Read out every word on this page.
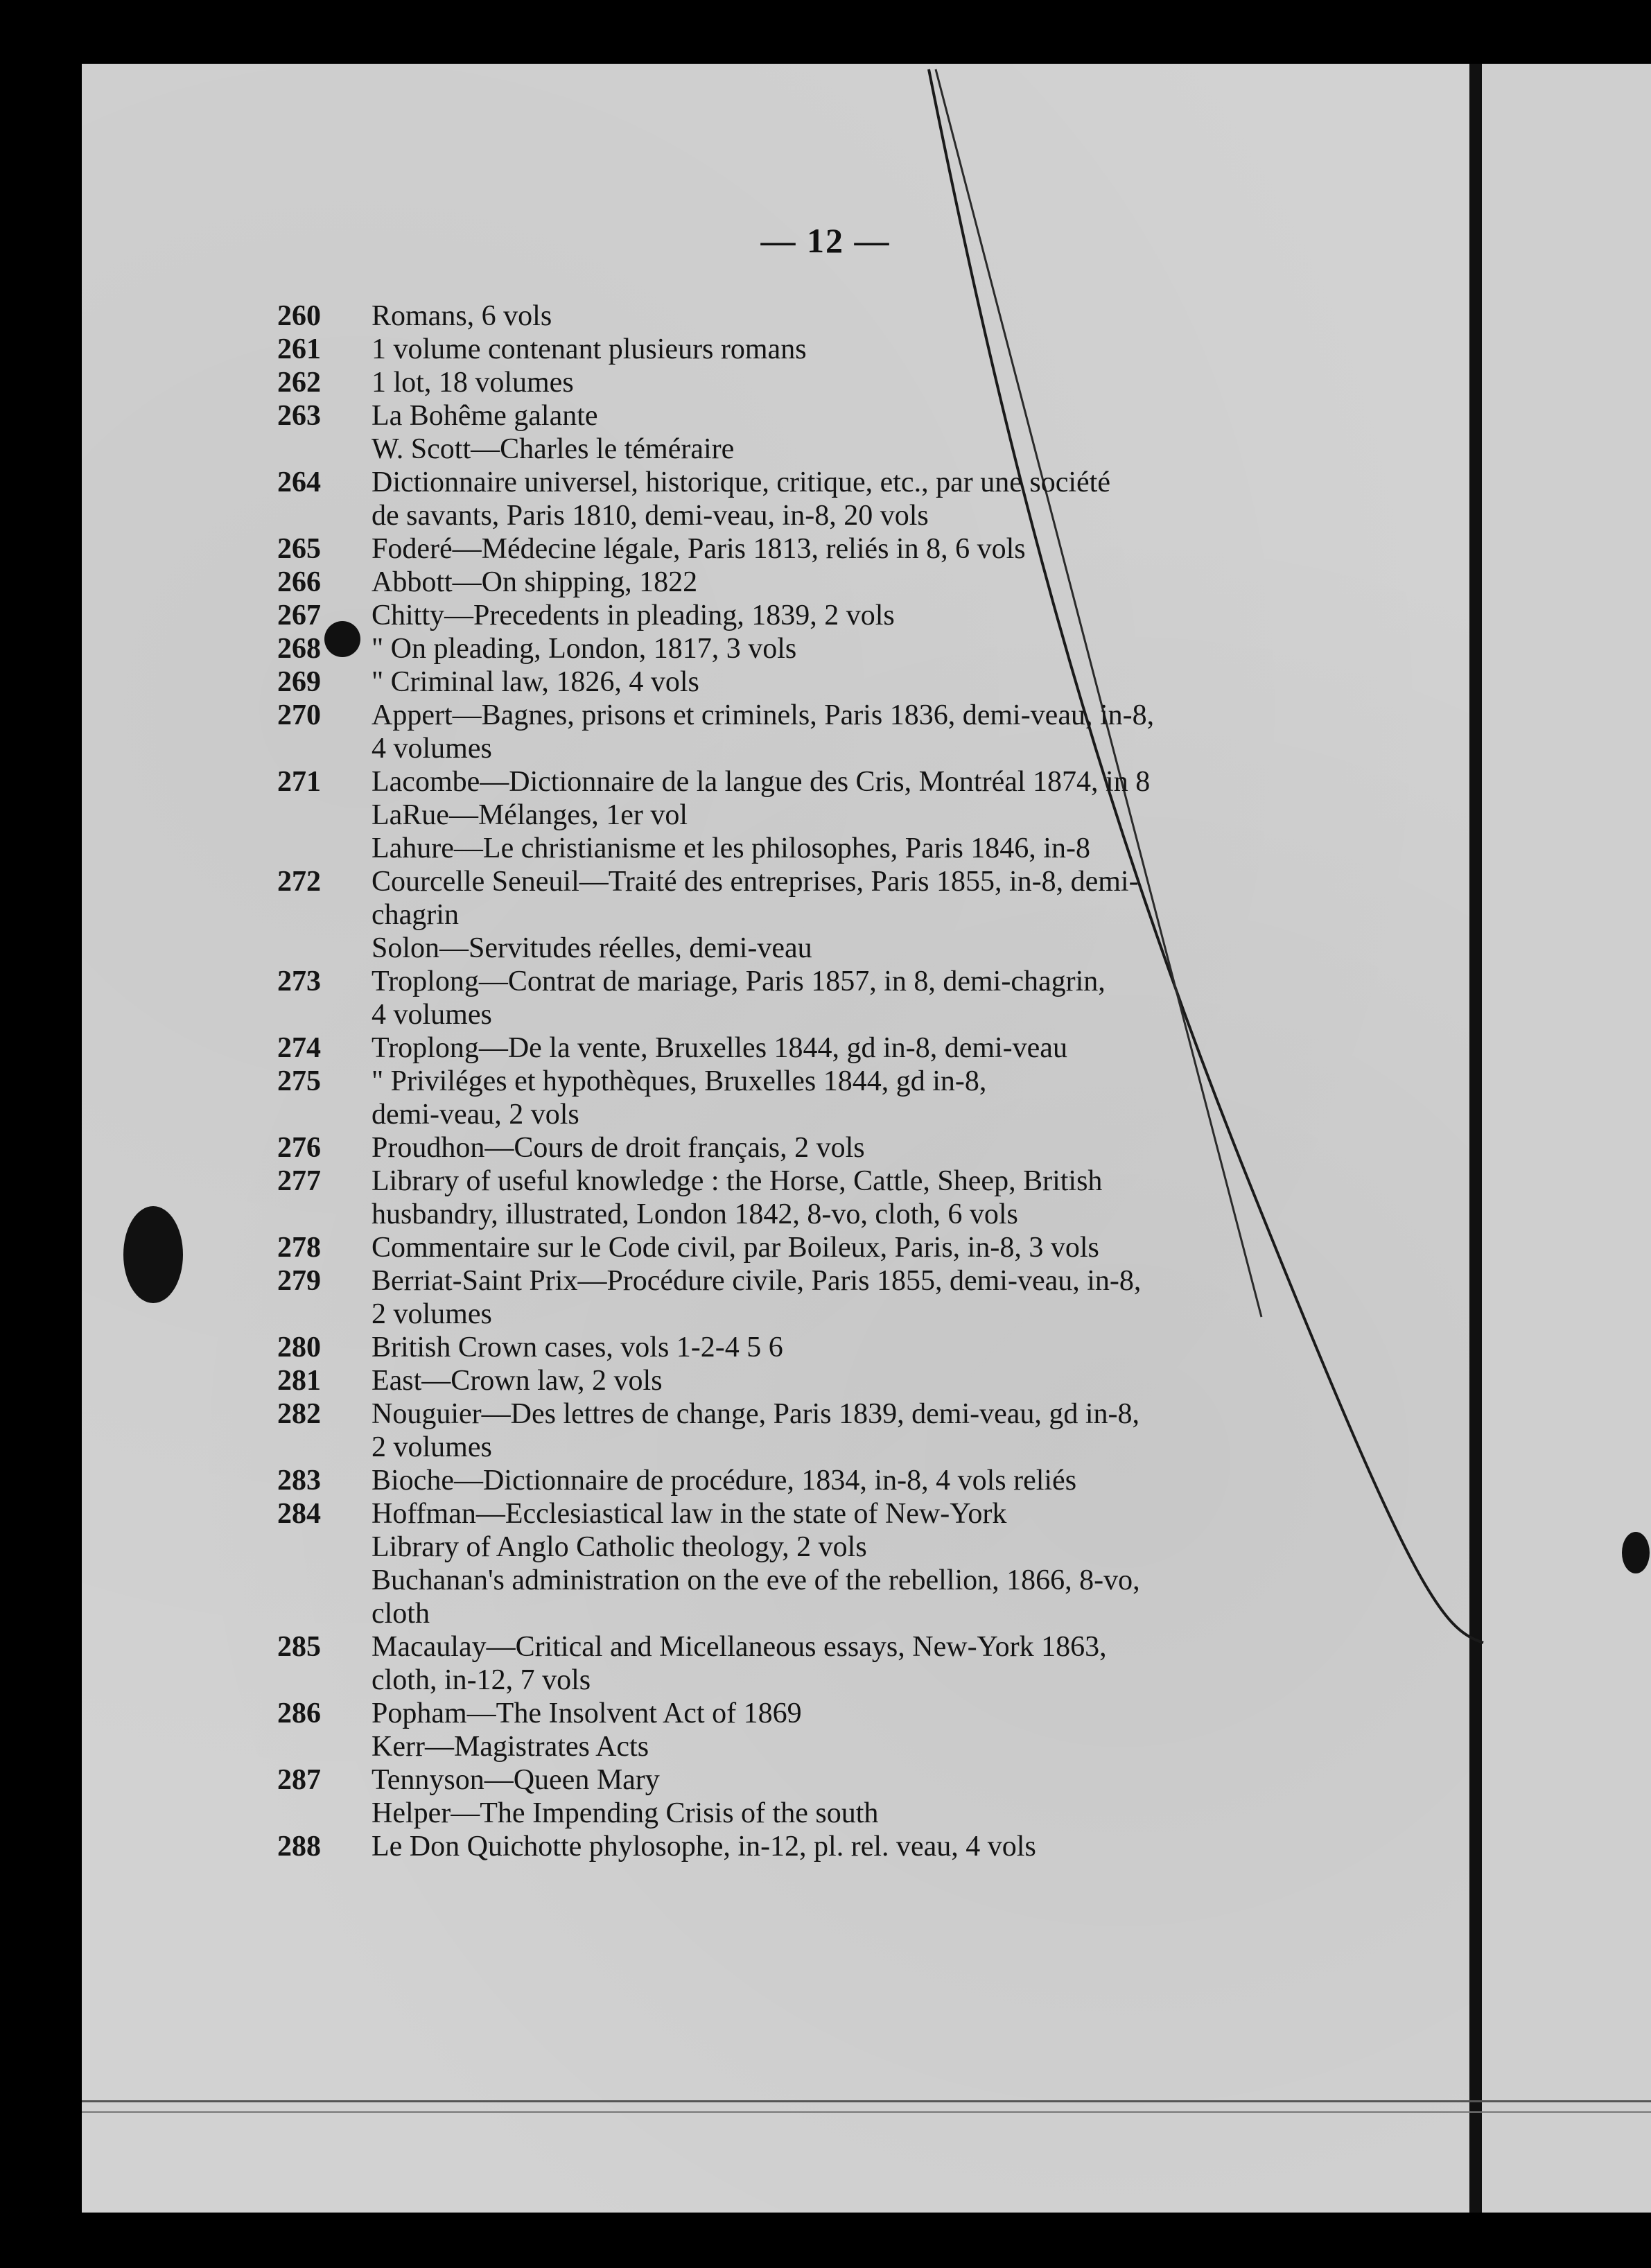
— 12 —
260	Romans, 6 vols
261	1 volume contenant plusieurs romans
262	1 lot, 18 volumes
263	La Bohême galante
W. Scott—Charles le téméraire
264	Dictionnaire universel, historique, critique, etc., par une société
de savants, Paris 1810, demi-veau, in-8, 20 vols
265	Foderé—Médecine légale, Paris 1813, reliés in 8, 6 vols
266	Abbott—On shipping, 1822
267	Chitty—Precedents in pleading, 1839, 2 vols
268	" On pleading, London, 1817, 3 vols
269	" Criminal law, 1826, 4 vols
270	Appert—Bagnes, prisons et criminels, Paris 1836, demi-veau, in-8,
4 volumes
271	Lacombe—Dictionnaire de la langue des Cris, Montréal 1874, in 8
LaRue—Mélanges, 1er vol
Lahure—Le christianisme et les philosophes, Paris 1846, in-8
272	Courcelle Seneuil—Traité des entreprises, Paris 1855, in-8, demi-
chagrin
Solon—Servitudes réelles, demi-veau
273	Troplong—Contrat de mariage, Paris 1857, in 8, demi-chagrin,
4 volumes
274	Troplong—De la vente, Bruxelles 1844, gd in-8, demi-veau
275	" Priviléges et hypothèques, Bruxelles 1844, gd in-8,
demi-veau, 2 vols
276	Proudhon—Cours de droit français, 2 vols
277	Library of useful knowledge : the Horse, Cattle, Sheep, British
husbandry, illustrated, London 1842, 8-vo, cloth, 6 vols
278	Commentaire sur le Code civil, par Boileux, Paris, in-8, 3 vols
279	Berriat-Saint Prix—Procédure civile, Paris 1855, demi-veau, in-8,
2 volumes
280	British Crown cases, vols 1-2-4 5 6
281	East—Crown law, 2 vols
282	Nouguier—Des lettres de change, Paris 1839, demi-veau, gd in-8,
2 volumes
283	Bioche—Dictionnaire de procédure, 1834, in-8, 4 vols reliés
284	Hoffman—Ecclesiastical law in the state of New-York
Library of Anglo Catholic theology, 2 vols
Buchanan's administration on the eve of the rebellion, 1866, 8-vo,
cloth
285	Macaulay—Critical and Micellaneous essays, New-York 1863,
cloth, in-12, 7 vols
286	Popham—The Insolvent Act of 1869
Kerr—Magistrates Acts
287	Tennyson—Queen Mary
Helper—The Impending Crisis of the south
288	Le Don Quichotte phylosophe, in-12, pl. rel. veau, 4 vols
